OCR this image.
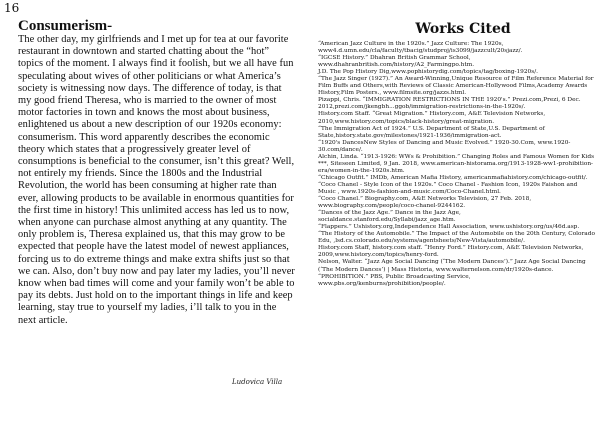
16
Consumerism-

The other day, my girlfriends and I met up for tea at our favorite restaurant in downtown and started chatting about the “hot” topics of the moment. I always find it foolish, but we all have fun speculating about wives of other politicians or what America’s society is witnessing now days. The difference of today, is that my good friend Theresa, who is married to the owner of most motor factories in town and knows the most about business, enlightened us about a new description of our 1920s economy: consumerism. This word apparently describes the economic theory which states that a progressively greater level of consumptions is beneficial to the consumer, isn’t this great? Well, not entirely my friends. Since the 1800s and the Industrial Revolution, the world has been consuming at higher rate than ever, allowing products to be available in enormous quantities for the first time in history! This unlimited access has led us to now, when anyone can purchase almost anything at any quantity. The only problem is, Theresa explained us, that this may grow to be expected that people have the latest model of newest appliances, forcing us to do extreme things and make extra shifts just so that we can. Also, don’t buy now and pay later my ladies, you’ll never know when bad times will come and your family won’t be able to pay its debts. Just hold on to the important things in life and keep learning, stay true to yourself my ladies, i’ll talk to you in the next article.

Ludovica Villa
Works Cited
“American Jazz Culture in the 1920s.” Jazz Culture: The 1920s, www4.d.umn.edu/cla/faculty/tbacig/studproj/is3099/jazzcult/20sjazz/.
“IGCSE History.” Dhahran British Grammar School, www.dhahranbritish.com/history/A2_Farmingpo.htm.
J.D. The Pop History Dig,www.pophistorydig.com/topics/tag/boxing-1920s/.
“The Jazz Singer (1927).” An Award-Winning,Unique Resource of Film Reference Material for Film Buffs and Others,with Reviews of Classic American-Hollywood Films,Academy Awards History,Film Posters., www.filmsite.org/jazzs.html.
Pizappi, Chris. “IMMIGRATION RESTRICTIONS IN THE 1920's.” Prezi.com,Prezi, 6 Dec. 2012,prezi.com/jkengbh...ggob/immigration-restrictions-in-the-1920s/.
History.com Staff. “Great Migration.” History.com, A&E Television Networks, 2010,www.history.com/topics/black-history/great-migration.
“The Immigration Act of 1924.” U.S. Department of State,U.S. Department of State,history.state.gov/milestones/1921-1936/immigration-act.
“1920's DancesNew Styles of Dancing and Music Evolved.” 1920-30.Com, www.1920-30.com/dance/.
Alchin, Linda. “1913-1926: WWs & Prohibition.” Changing Roles and Famous Women for Kids ***, Siteseen Limited, 9 Jan. 2018, www.american-historama.org/1913-1928-ww1-prohibition-era/women-in-the-1920s.htm.
“Chicago Outfit.” IMDb, American Mafia History, americanmafiahistory.com/chicago-outfit/.
“Coco Chanel - Style Icon of the 1920s.” Coco Chanel - Fashion Icon, 1920s Faishon and Music , www.1920s-fashion-and-music.com/Coco-Chanel.html.
“Coco Chanel.” Biography.com, A&E Networks Television, 27 Feb. 2018, www.biography.com/people/coco-chanel-9244162.
“Dances of the Jazz Age.” Dance in the Jazz Age, socialdance.stanford.edu/Syllabi/jazz_age.htm.
“Flappers.” Ushistory.org,Independence Hall Association, www.ushistory.org/us/46d.asp.
“The History of the Automobile.” The Impact of the Automobile on the 20th Century, Colorado Edu, ,lsd.cs.colorado.edu/systems/agentsheets/New-Vista/automobile/.
History.com Staff, history.com staff. “Henry Ford.” History.com, A&E Television Networks, 2009,www.history.com/topics/henry-ford.
Nelson, Walter. “Jazz Age Social Dancing (‘The Modern Dances’).” Jazz Age Social Dancing (‘The Modern Dances’) | Mass Historia, www.walternelson.com/dr/1920s-dance.
“PROHIBITION.” PBS, Public Broadcasting Service, www.pbs.org/kenburns/prohibition/people/.
